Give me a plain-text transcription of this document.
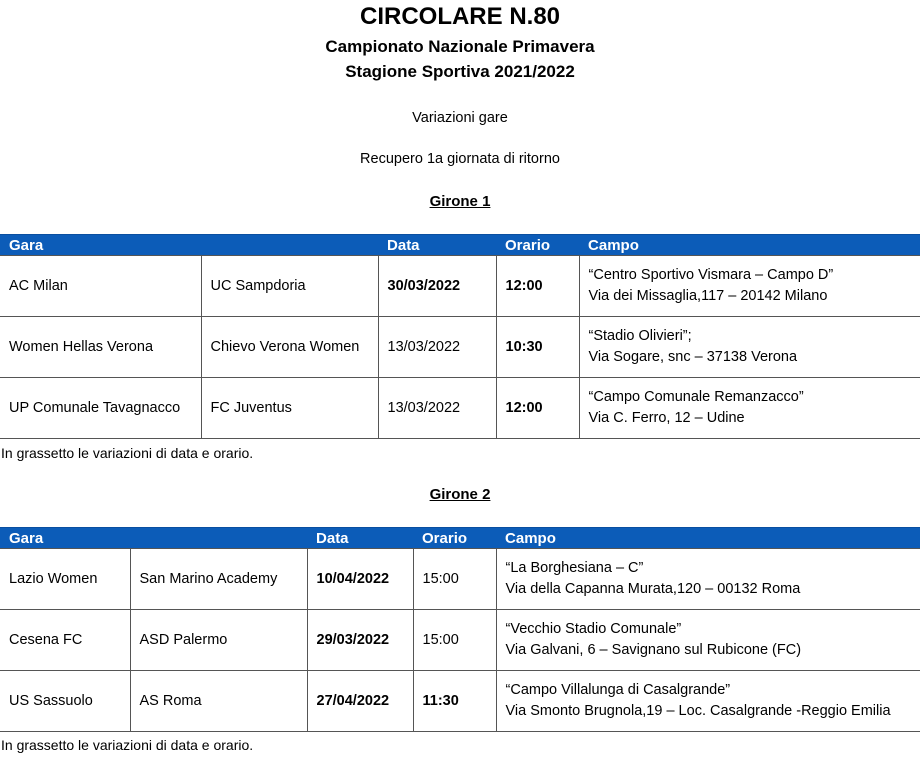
CIRCOLARE N.80
Campionato Nazionale Primavera
Stagione Sportiva 2021/2022
Variazioni gare
Recupero 1a giornata di ritorno
Girone 1
Gara		Data	Orario	Campo
AC Milan	UC Sampdoria	30/03/2022	12:00	“Centro Sportivo Vismara – Campo D”
Via dei Missaglia,117 – 20142 Milano

Women Hellas Verona	Chievo Verona Women	13/03/2022	10:30	“Stadio Olivieri”;
Via Sogare, snc – 37138 Verona

UP Comunale Tavagnacco	FC Juventus	13/03/2022	12:00	“Campo Comunale Remanzacco”
Via C. Ferro, 12 – Udine
In grassetto le variazioni di data e orario.
Girone 2
Gara		Data	Orario	Campo
Lazio Women	San Marino Academy	10/04/2022	15:00	“La Borghesiana – C”
Via della Capanna Murata,120 – 00132 Roma

Cesena FC	ASD Palermo	29/03/2022	15:00	“Vecchio Stadio Comunale”
Via Galvani, 6 – Savignano sul Rubicone (FC)

US Sassuolo	AS Roma	27/04/2022	11:30	“Campo Villalunga di Casalgrande”
Via Smonto Brugnola,19 – Loc. Casalgrande -Reggio Emilia
In grassetto le variazioni di data e orario.
